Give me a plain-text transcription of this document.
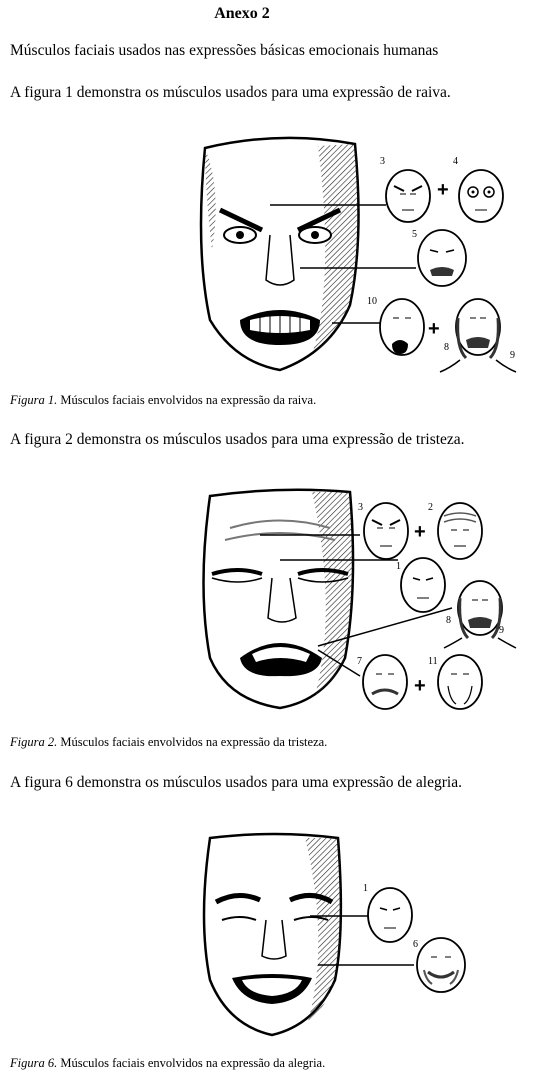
Anexo 2
Músculos faciais usados nas expressões básicas emocionais humanas
A figura 1 demonstra os músculos usados para uma expressão de raiva.
+
+
3	4
5
10
8
9
Figura 1. Músculos faciais envolvidos na expressão da raiva.
A figura 2 demonstra os músculos usados para uma expressão de tristeza.
+
+
3	2
1
8
9
7	11
Figura 2. Músculos faciais envolvidos na expressão da tristeza.
A figura 6 demonstra os músculos usados para uma expressão de alegria.
1
6
Figura 6. Músculos faciais envolvidos na expressão da alegria.
